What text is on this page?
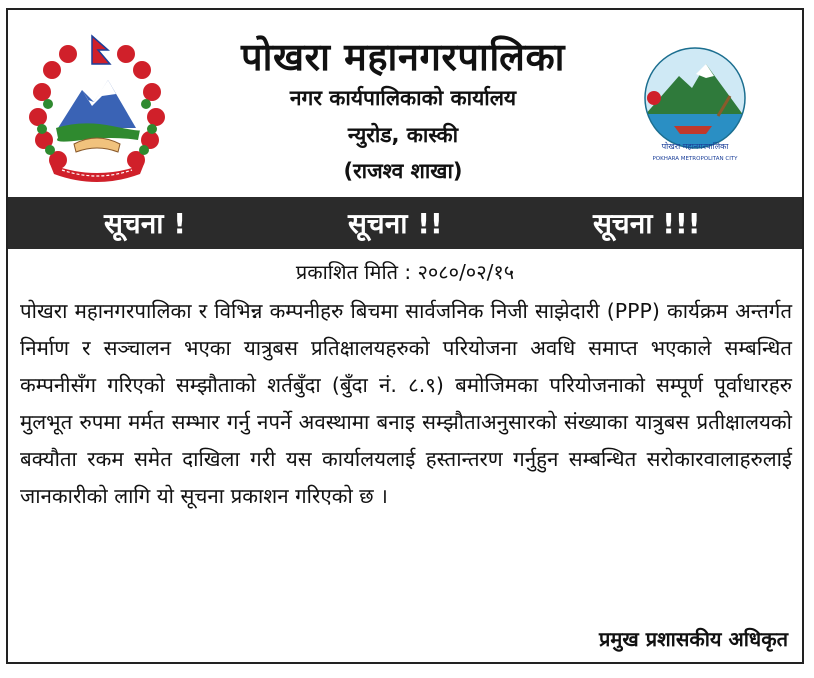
पोखरा महानगरपालिका
नगर कार्यपालिकाको कार्यालय
न्युरोड, कास्की
(राजश्व शाखा)
पोखरा महानगरपालिका
POKHARA METROPOLITAN CITY
सूचना !	सूचना !!	सूचना !!!
प्रकाशित मिति : २०८०/०२/१५
पोखरा महानगरपालिका र विभिन्न कम्पनीहरु बिचमा सार्वजनिक निजी साझेदारी (PPP) कार्यक्रम अन्तर्गत निर्माण र सञ्चालन भएका यात्रुबस प्रतिक्षालयहरुको परियोजना अवधि समाप्त भएकाले सम्बन्धित कम्पनीसँग गरिएको सम्झौताको शर्तबुँदा (बुँदा नं. ८.९) बमोजिमका परियोजनाको सम्पूर्ण पूर्वाधारहरु मुलभूत रुपमा मर्मत सम्भार गर्नु नपर्ने अवस्थामा बनाइ सम्झौताअनुसारको संख्याका यात्रुबस प्रतीक्षालयको बक्यौता रकम समेत दाखिला गरी यस कार्यालयलाई हस्तान्तरण गर्नुहुन सम्बन्धित सरोकारवालाहरुलाई जानकारीको लागि यो सूचना प्रकाशन गरिएको छ ।
प्रमुख प्रशासकीय अधिकृत
